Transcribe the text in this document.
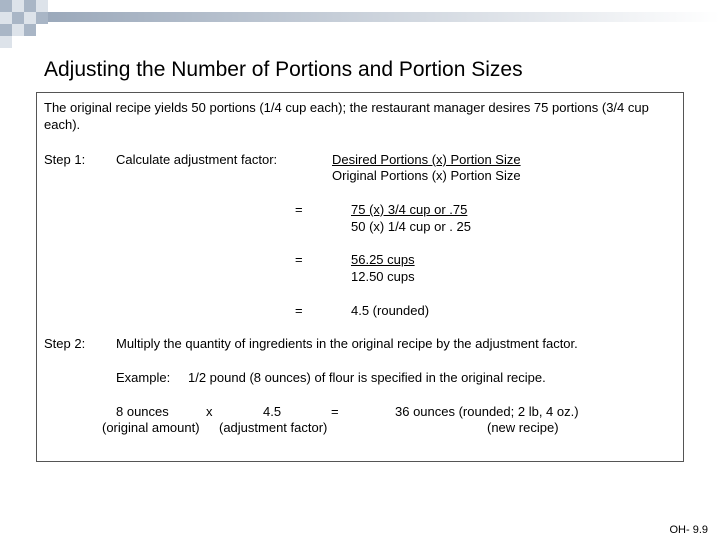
Adjusting the Number of Portions and Portion Sizes
The original recipe yields 50 portions (1/4 cup each); the restaurant manager desires 75 portions (3/4 cup each).
Step 1: Calculate adjustment factor:	Desired Portions (x) Portion Size
Original Portions (x) Portion Size
=	75 (x) 3/4 cup or .75
50 (x) 1/4 cup or . 25
=	56.25 cups
12.50 cups
=	4.5 (rounded)
Step 2: Multiply the quantity of ingredients in the original recipe by the adjustment factor.
Example: 1/2 pound (8 ounces) of flour is specified in the original recipe.
8 ounces	x	4.5	=	36 ounces (rounded; 2 lb, 4 oz.)
(original amount) (adjustment factor)	(new recipe)
OH- 9.9
